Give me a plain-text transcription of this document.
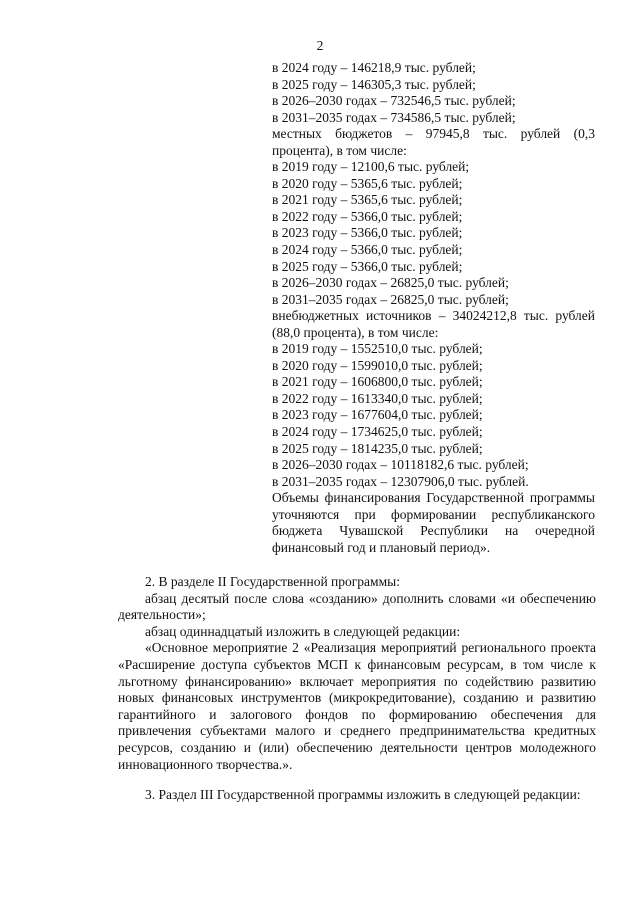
2
в 2024 году – 146218,9 тыс. рублей;
в 2025 году – 146305,3 тыс. рублей;
в 2026–2030 годах – 732546,5 тыс. рублей;
в 2031–2035 годах – 734586,5 тыс. рублей;
местных бюджетов – 97945,8 тыс. рублей (0,3 процента), в том числе:
в 2019 году – 12100,6 тыс. рублей;
в 2020 году – 5365,6 тыс. рублей;
в 2021 году – 5365,6 тыс. рублей;
в 2022 году – 5366,0 тыс. рублей;
в 2023 году – 5366,0 тыс. рублей;
в 2024 году – 5366,0 тыс. рублей;
в 2025 году – 5366,0 тыс. рублей;
в 2026–2030 годах – 26825,0 тыс. рублей;
в 2031–2035 годах – 26825,0 тыс. рублей;
внебюджетных источников – 34024212,8 тыс. рублей (88,0 процента), в том числе:
в 2019 году – 1552510,0 тыс. рублей;
в 2020 году – 1599010,0 тыс. рублей;
в 2021 году – 1606800,0 тыс. рублей;
в 2022 году – 1613340,0 тыс. рублей;
в 2023 году – 1677604,0 тыс. рублей;
в 2024 году – 1734625,0 тыс. рублей;
в 2025 году – 1814235,0 тыс. рублей;
в 2026–2030 годах – 10118182,6 тыс. рублей;
в 2031–2035 годах – 12307906,0 тыс. рублей.
Объемы финансирования Государственной программы уточняются при формировании республиканского бюджета Чувашской Республики на очередной финансовый год и плановый период».
2. В разделе II Государственной программы:
абзац десятый после слова «созданию» дополнить словами «и обеспечению деятельности»;
абзац одиннадцатый изложить в следующей редакции:
«Основное мероприятие 2 «Реализация мероприятий регионального проекта «Расширение доступа субъектов МСП к финансовым ресурсам, в том числе к льготному финансированию» включает мероприятия по содействию развитию новых финансовых инструментов (микрокредитование), созданию и развитию гарантийного и залогового фондов по формированию обеспечения для привлечения субъектами малого и среднего предпринимательства кредитных ресурсов, созданию и (или) обеспечению деятельности центров молодежного инновационного творчества.».
3. Раздел III Государственной программы изложить в следующей редакции:
